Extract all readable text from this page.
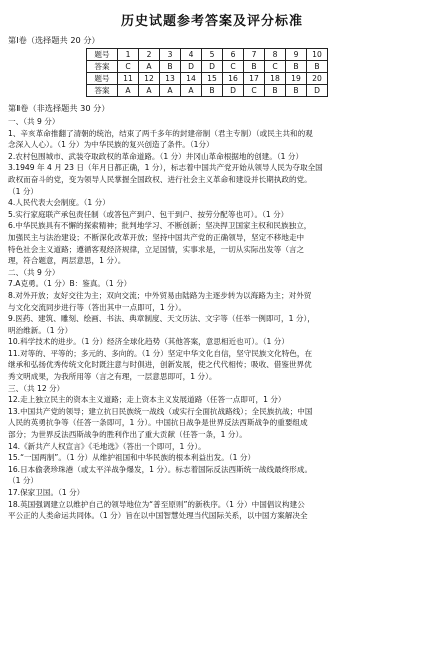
历史试题参考答案及评分标准
第Ⅰ卷（选择题共 20 分）
题号	1	2	3	4	5	6	7	8	9	10
答案	C	A	B	D	D	C	B	C	B	B
题号	11	12	13	14	15	16	17	18	19	20
答案	A	A	A	A	B	D	C	B	B	D
第Ⅱ卷（非选择题共 30 分）

一、（共 9 分）

1、辛亥革命推翻了清朝的统治，结束了两千多年的封建帝制（君主专制）（或民主共和的观

念深入人心）。（1 分）为中华民族的复兴创造了条件。（1分）

2.农村包围城市、武装夺取政权的革命道路。（1 分）井冈山革命根据地的创建。（1 分）

3.1949 年 4 月 23 日（年月日都正确，1 分），标志着中国共产党开始从领导人民为夺取全国

政权而奋斗的党，变为领导人民掌握全国政权、进行社会主义革命和建设并长期执政的党。

（1 分）

4.人民代表大会制度。（1 分）

5.实行家庭联产承包责任制（或答包产到户、包干到户、按劳分配等也可）。（1 分）

6.中华民族具有不懈的探索精神；批判地学习、不断创新；坚决捍卫国家主权和民族独立，

加强民主与法治建设；不断深化改革开放；坚持中国共产党的正确领导，坚定不移地走中

特色社会主义道路；遵循客观经济规律，立足国情，实事求是，一切从实际出发等（言之

理，符合题意，两层意思，1 分）。

二、（共 9 分）

7.A克勇。（1 分）B：鉴真。（1 分）

8.对外开放；友好交往为主；双向交流；中外贸易由陆路为主逐步转为以海路为主；对外贸

与文化交流同步进行等（答出其中一点即可，1 分）。

9.医药、建筑、雕刻、绘画、书法、典章制度、天文历法、文字等（任举一例即可，1 分），

明治维新。（1 分）

10.科学技术的进步。（1 分）经济全球化趋势（其他答案，意思相近也可）。（1 分）

11.对等的、平等的；多元的、多向的。（1 分）坚定中华文化自信，坚守民族文化特色，在

继承和弘扬优秀传统文化时既注意与时俱进，创新发展，使之代代相传；吸收、借鉴世界优

秀文明成果，为我所用等（言之有理，一层意思即可，1 分）。

三、（共 12 分）

12.走上独立民主的资本主义道路；走上资本主义发展道路（任答一点即可，1 分）

13.中国共产党的领导；建立抗日民族统一战线（或实行全面抗战路线）；全民族抗战；中国

人民的英勇抗争等（任答一条即可，1 分）。中国抗日战争是世界反法西斯战争的重要组成

部分；为世界反法西斯战争的胜利作出了重大贡献（任答一条，1 分）。

14.《新共产人权宣言》《毛地选》（答出一个即可，1 分）。

15.“一国两制”。（1 分）从维护祖国和中华民族的根本利益出发。（1 分）

16.日本偷袭珍珠港（或太平洋战争爆发，1 分）。标志着国际反法西斯统一战线最终形成。

（1 分）

17.保家卫国。（1 分）

18.英国强调建立以维护自己的领导地位为“普至原则”的新秩序。（1 分）中国倡议构建公

平公正的人类命运共同体。（1 分）旨在以中国智慧处理当代国际关系，以中国方案解决全
